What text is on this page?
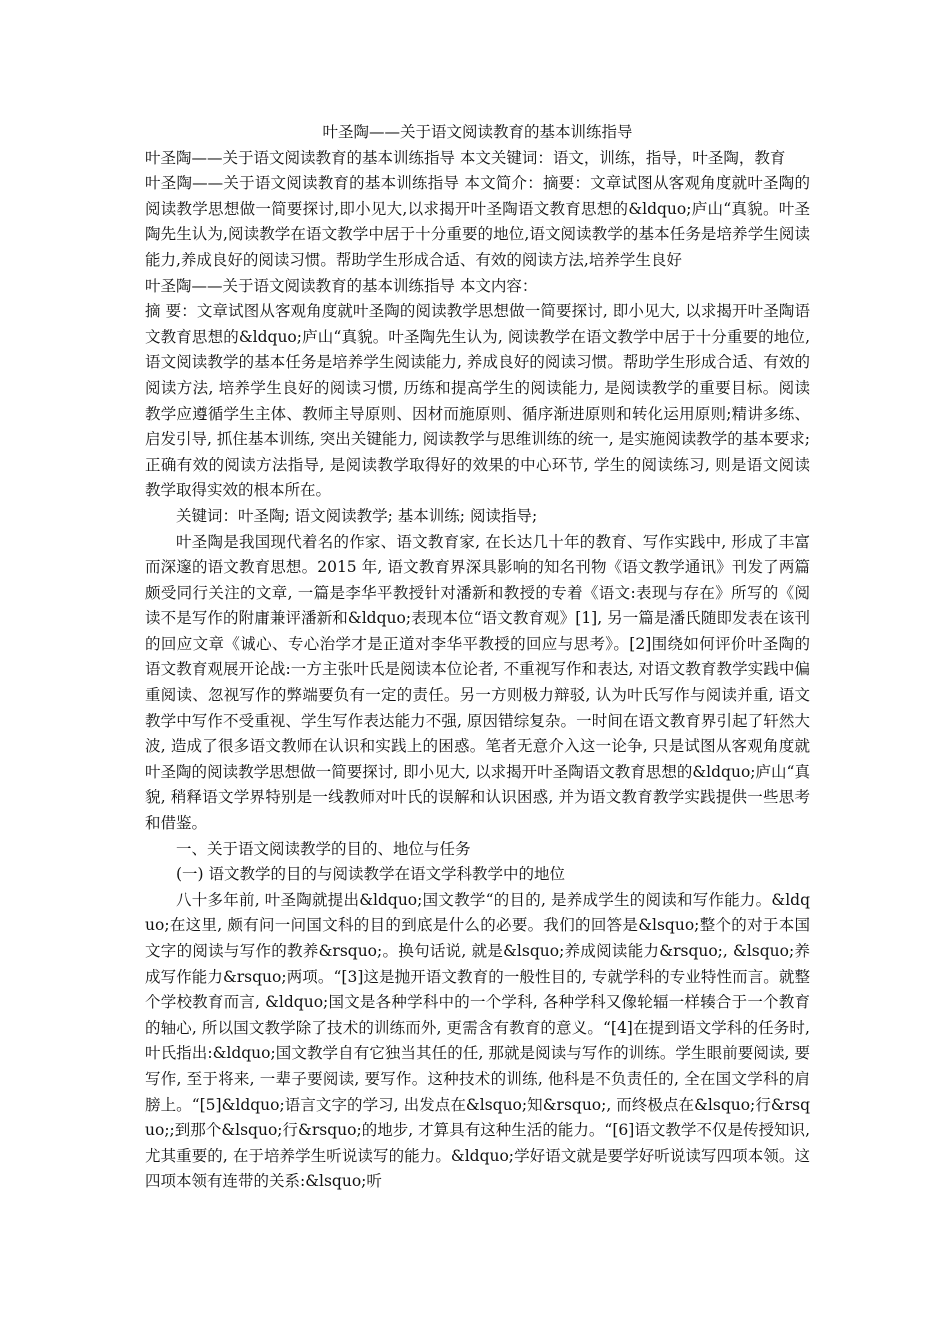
叶圣陶——关于语文阅读教育的基本训练指导

叶圣陶——关于语文阅读教育的基本训练指导 本文关键词：语文，训练，指导，叶圣陶，教育

叶圣陶——关于语文阅读教育的基本训练指导 本文简介：摘要：文章试图从客观角度就叶圣陶的阅读教学思想做一简要探讨,即小见大,以求揭开叶圣陶语文教育思想的&ldquo;庐山“真貌。叶圣陶先生认为,阅读教学在语文教学中居于十分重要的地位,语文阅读教学的基本任务是培养学生阅读能力,养成良好的阅读习惯。帮助学生形成合适、有效的阅读方法,培养学生良好

叶圣陶——关于语文阅读教育的基本训练指导 本文内容：

摘 要：文章试图从客观角度就叶圣陶的阅读教学思想做一简要探讨, 即小见大, 以求揭开叶圣陶语文教育思想的&ldquo;庐山“真貌。叶圣陶先生认为, 阅读教学在语文教学中居于十分重要的地位, 语文阅读教学的基本任务是培养学生阅读能力, 养成良好的阅读习惯。帮助学生形成合适、有效的阅读方法, 培养学生良好的阅读习惯, 历练和提高学生的阅读能力, 是阅读教学的重要目标。阅读教学应遵循学生主体、教师主导原则、因材而施原则、循序渐进原则和转化运用原则;精讲多练、启发引导, 抓住基本训练, 突出关键能力, 阅读教学与思维训练的统一, 是实施阅读教学的基本要求;正确有效的阅读方法指导, 是阅读教学取得好的效果的中心环节, 学生的阅读练习, 则是语文阅读教学取得实效的根本所在。

关键词：叶圣陶; 语文阅读教学; 基本训练; 阅读指导;

叶圣陶是我国现代着名的作家、语文教育家, 在长达几十年的教育、写作实践中, 形成了丰富而深邃的语文教育思想。2015 年, 语文教育界深具影响的知名刊物《语文教学通讯》刊发了两篇颇受同行关注的文章, 一篇是李华平教授针对潘新和教授的专着《语文:表现与存在》所写的《阅读不是写作的附庸兼评潘新和&ldquo;表现本位“语文教育观》[1], 另一篇是潘氏随即发表在该刊的回应文章《诚心、专心治学才是正道对李华平教授的回应与思考》。[2]围绕如何评价叶圣陶的语文教育观展开论战:一方主张叶氏是阅读本位论者, 不重视写作和表达, 对语文教育教学实践中偏重阅读、忽视写作的弊端要负有一定的责任。另一方则极力辩驳, 认为叶氏写作与阅读并重, 语文教学中写作不受重视、学生写作表达能力不强, 原因错综复杂。一时间在语文教育界引起了轩然大波, 造成了很多语文教师在认识和实践上的困惑。笔者无意介入这一论争, 只是试图从客观角度就叶圣陶的阅读教学思想做一简要探讨, 即小见大, 以求揭开叶圣陶语文教育思想的&ldquo;庐山“真貌, 稍释语文学界特别是一线教师对叶氏的误解和认识困惑, 并为语文教育教学实践提供一些思考和借鉴。

一、关于语文阅读教学的目的、地位与任务

(一) 语文教学的目的与阅读教学在语文学科教学中的地位

八十多年前, 叶圣陶就提出&ldquo;国文教学“的目的, 是养成学生的阅读和写作能力。&ldquo;在这里, 颇有问一问国文科的目的到底是什么的必要。我们的回答是&lsquo;整个的对于本国文字的阅读与写作的教养&rsquo;。换句话说, 就是&lsquo;养成阅读能力&rsquo;, &lsquo;养成写作能力&rsquo;两项。“[3]这是抛开语文教育的一般性目的, 专就学科的专业特性而言。就整个学校教育而言, &ldquo;国文是各种学科中的一个学科, 各种学科又像轮辐一样辏合于一个教育的轴心, 所以国文教学除了技术的训练而外, 更需含有教育的意义。“[4]在提到语文学科的任务时, 叶氏指出:&ldquo;国文教学自有它独当其任的任, 那就是阅读与写作的训练。学生眼前要阅读, 要写作, 至于将来, 一辈子要阅读, 要写作。这种技术的训练, 他科是不负责任的, 全在国文学科的肩膀上。“[5]&ldquo;语言文字的学习, 出发点在&lsquo;知&rsquo;, 而终极点在&lsquo;行&rsquo;;到那个&lsquo;行&rsquo;的地步, 才算具有这种生活的能力。“[6]语文教学不仅是传授知识, 尤其重要的, 在于培养学生听说读写的能力。&ldquo;学好语文就是要学好听说读写四项本领。这四项本领有连带的关系:&lsquo;听
